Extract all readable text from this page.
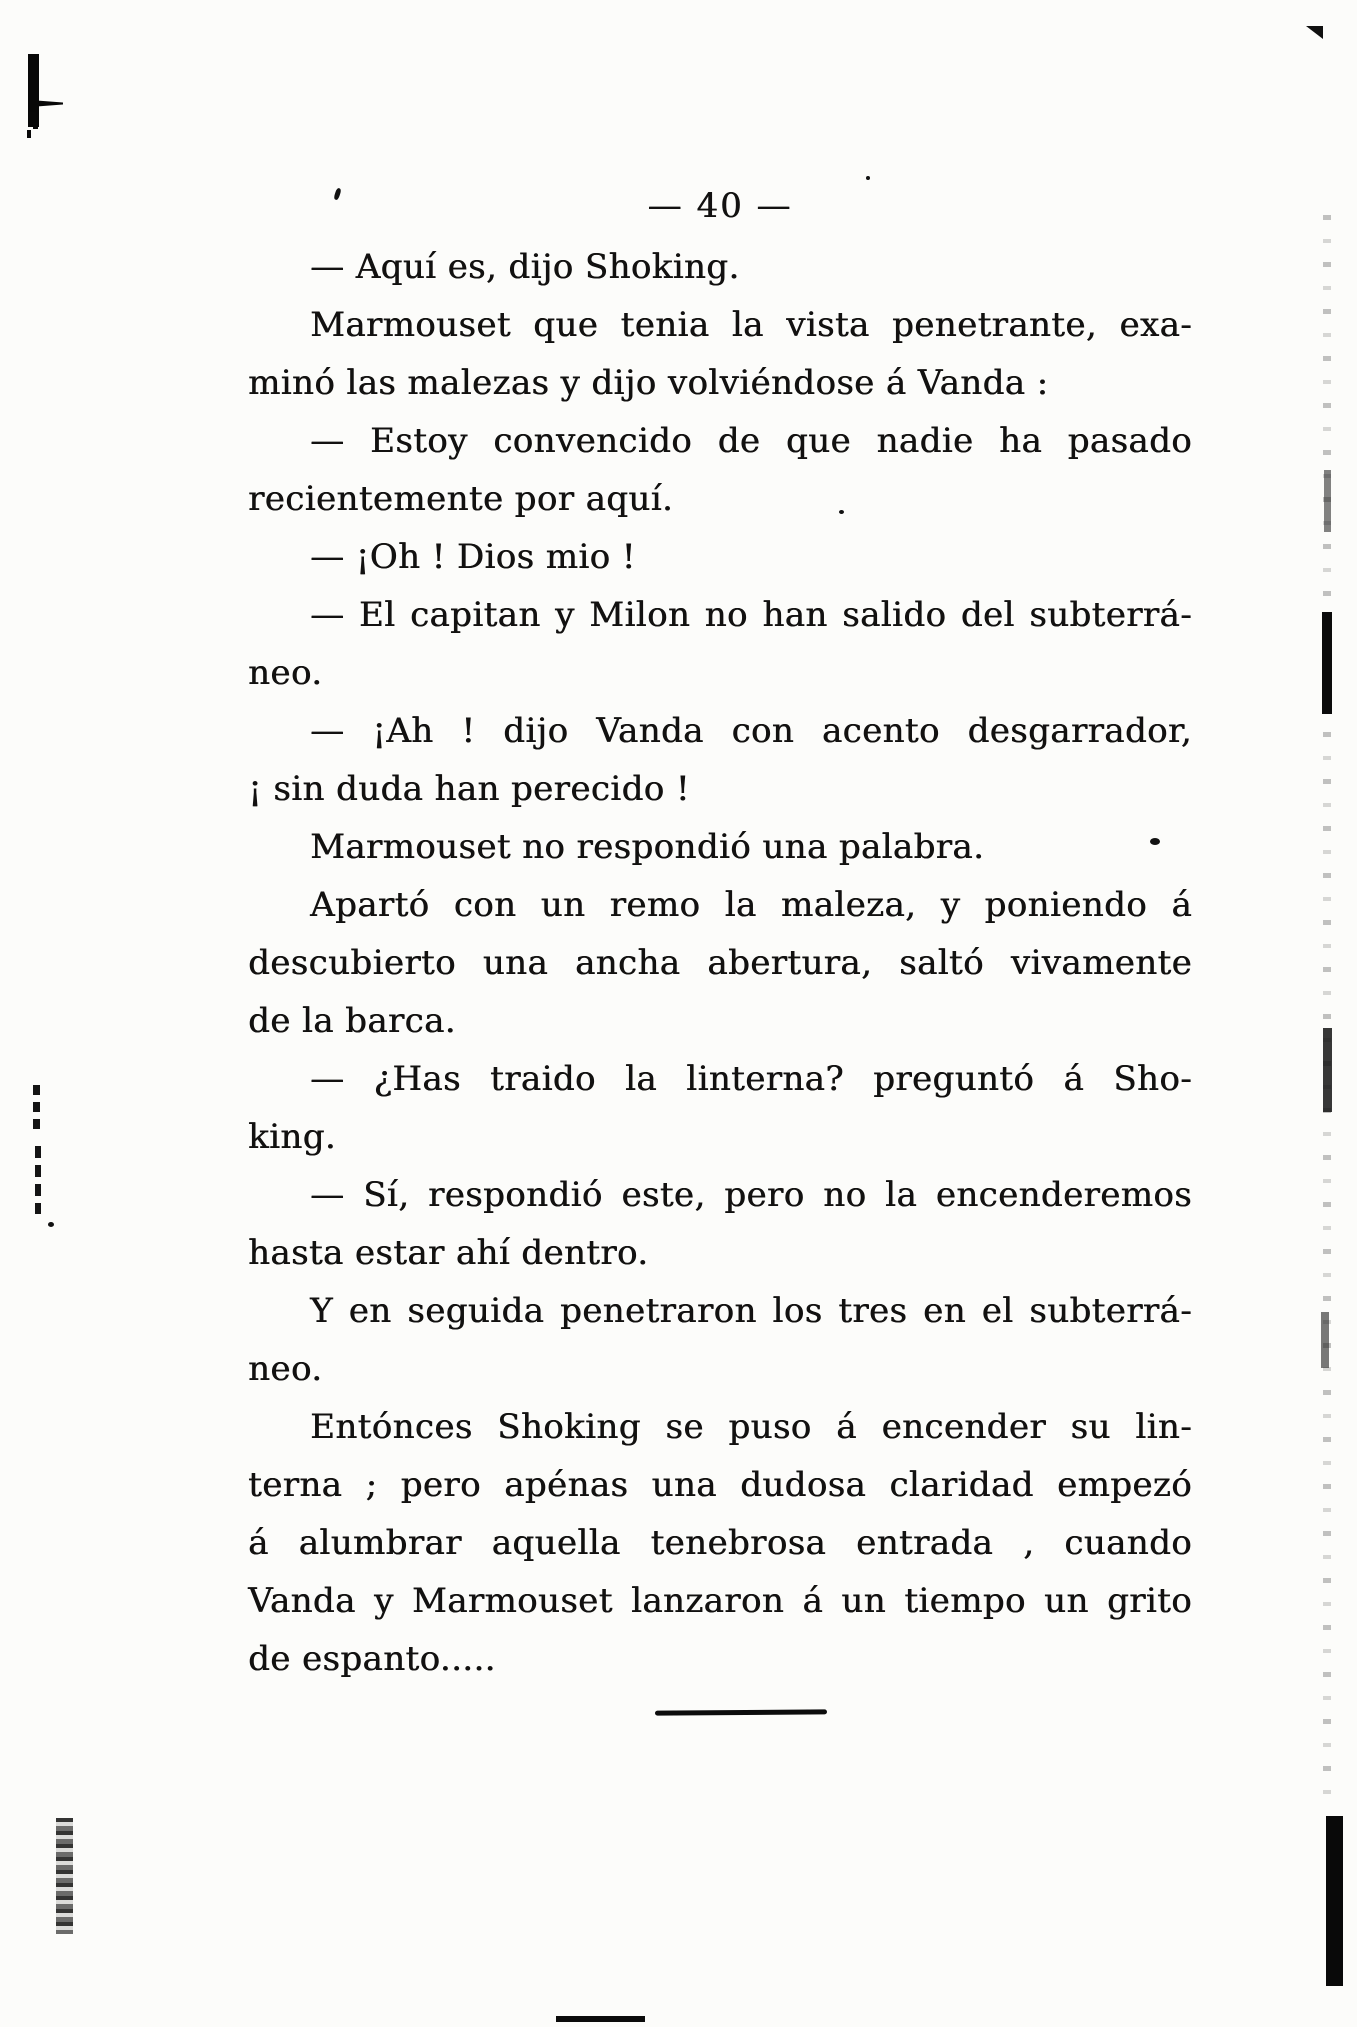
— 40 —
— Aquí es, dijo Shoking.
Marmouset que tenia la vista penetrante, exa-
minó las malezas y dijo volviéndose á Vanda :
— Estoy convencido de que nadie ha pasado
recientemente por aquí.
— ¡Oh ! Dios mio !
— El capitan y Milon no han salido del subterrá-
neo.
— ¡Ah ! dijo Vanda con acento desgarrador,
¡ sin duda han perecido !
Marmouset no respondió una palabra.
Apartó con un remo la maleza, y poniendo á
descubierto una ancha abertura, saltó vivamente
de la barca.
— ¿Has traido la linterna? preguntó á Sho-
king.
— Sí, respondió este, pero no la encenderemos
hasta estar ahí dentro.
Y en seguida penetraron los tres en el subterrá-
neo.
Entónces Shoking se puso á encender su lin-
terna ; pero apénas una dudosa claridad empezó
á alumbrar aquella tenebrosa entrada , cuando
Vanda y Marmouset lanzaron á un tiempo un grito
de espanto.....
